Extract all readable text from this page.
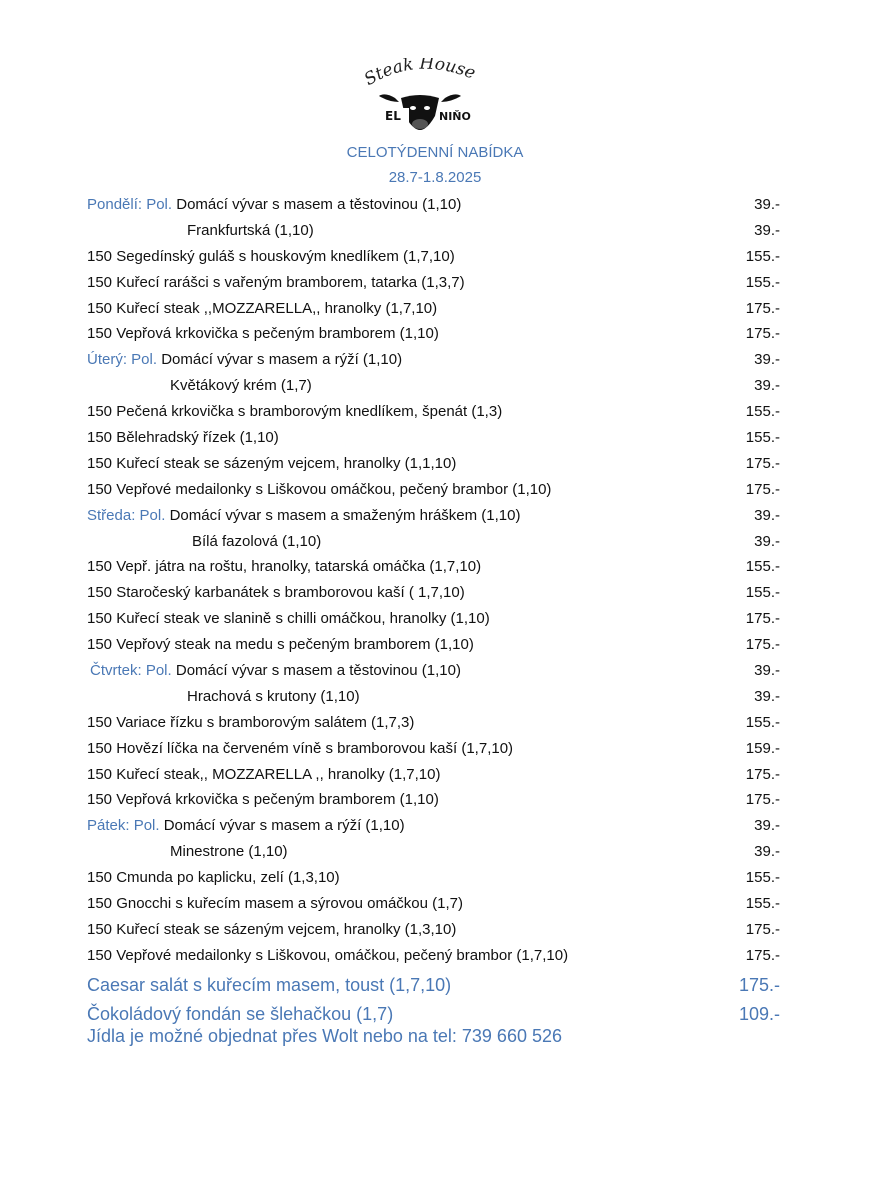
Steak House
EL	NIŇO
CELOTÝDENNÍ NABÍDKA
28.7-1.8.2025
Pondělí: Pol. Domácí vývar s masem a těstovinou (1,10)	39.-
Frankfurtská (1,10)	39.-
150 Segedínský guláš s houskovým knedlíkem (1,7,10)	155.-
150 Kuřecí rarášci s vařeným bramborem, tatarka (1,3,7)	155.-
150 Kuřecí steak ,,MOZZARELLA,, hranolky (1,7,10)	175.-
150 Vepřová krkovička s pečeným bramborem (1,10)	175.-
Úterý: Pol. Domácí vývar s masem a rýží (1,10)	39.-
Květákový krém (1,7)	39.-
150 Pečená krkovička s bramborovým knedlíkem, špenát (1,3)	155.-
150 Bělehradský řízek (1,10)	155.-
150 Kuřecí steak se sázeným vejcem, hranolky (1,1,10)	175.-
150 Vepřové medailonky s Liškovou omáčkou, pečený brambor (1,10)	175.-
Středa: Pol. Domácí vývar s masem a smaženým hráškem (1,10)	39.-
Bílá fazolová (1,10)	39.-
150 Vepř. játra na roštu, hranolky, tatarská omáčka (1,7,10)	155.-
150 Staročeský karbanátek s bramborovou kaší ( 1,7,10)	155.-
150 Kuřecí steak ve slanině s chilli omáčkou, hranolky (1,10)	175.-
150 Vepřový steak na medu s pečeným bramborem (1,10)	175.-
Čtvrtek: Pol. Domácí vývar s masem a těstovinou (1,10)	39.-
Hrachová s krutony (1,10)	39.-
150 Variace řízku s bramborovým salátem (1,7,3)	155.-
150 Hovězí líčka na červeném víně s bramborovou kaší (1,7,10)	159.-
150 Kuřecí steak,, MOZZARELLA ,, hranolky (1,7,10)	175.-
150 Vepřová krkovička s pečeným bramborem (1,10)	175.-
Pátek: Pol. Domácí vývar s masem a rýží (1,10)	39.-
Minestrone (1,10)	39.-
150 Cmunda po kaplicku, zelí (1,3,10)	155.-
150 Gnocchi s kuřecím masem a sýrovou omáčkou (1,7)	155.-
150 Kuřecí steak se sázeným vejcem, hranolky (1,3,10)	175.-
150 Vepřové medailonky s Liškovou, omáčkou, pečený brambor (1,7,10)	175.-
Caesar salát s kuřecím masem, toust (1,7,10)	175.-
Čokoládový fondán se šlehačkou (1,7)	109.-
Jídla je možné objednat přes Wolt nebo na tel: 739 660 526
